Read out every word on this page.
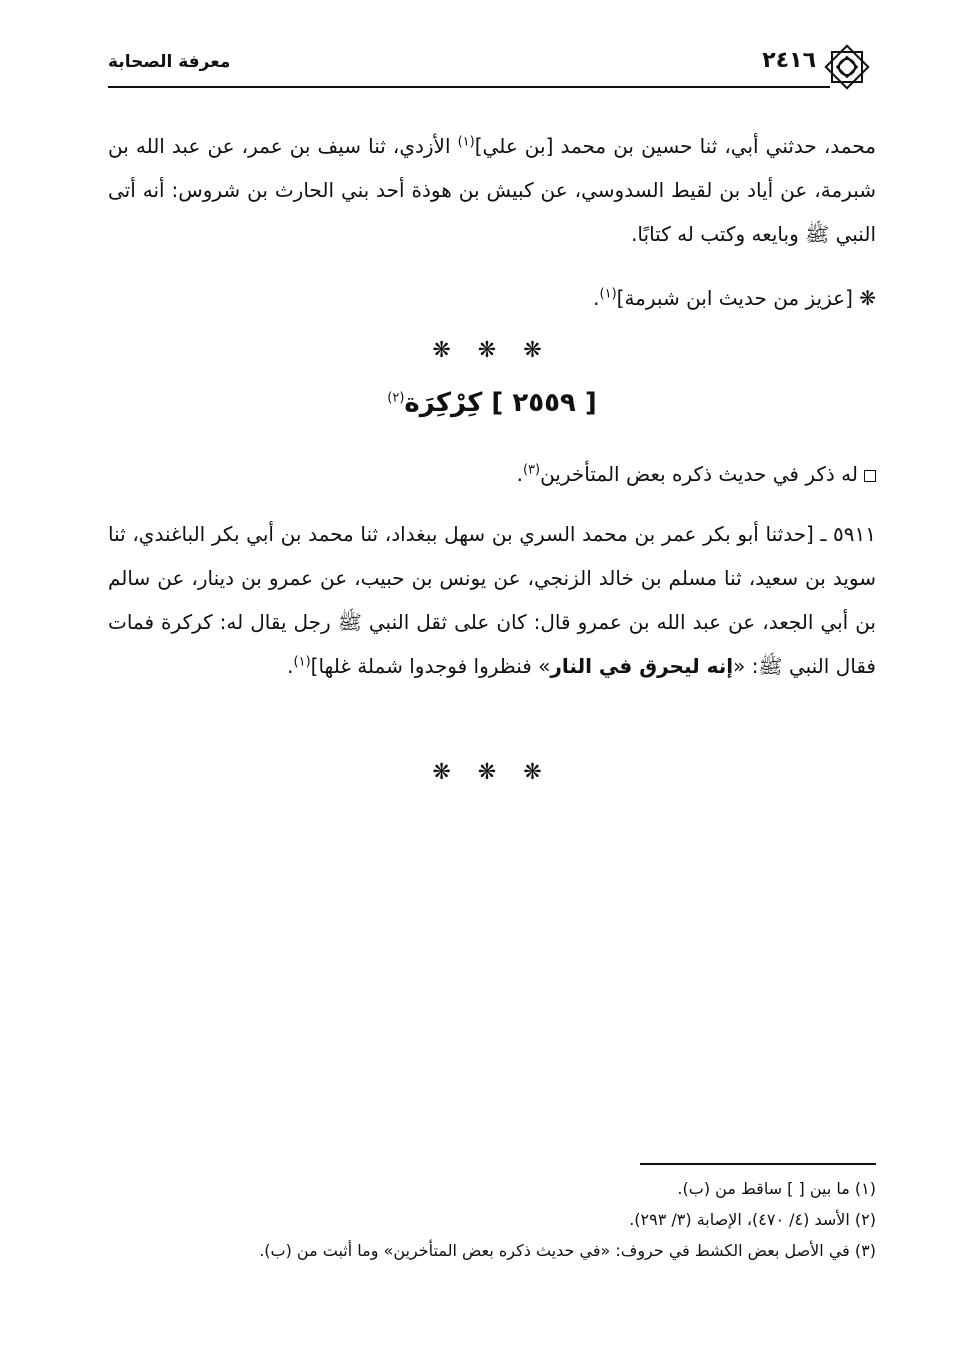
معرفة الصحابة	٢٤١٦
محمد، حدثني أبي، ثنا حسين بن محمد [بن علي]$^{(١)}$ الأزدي، ثنا سيف بن عمر، عن عبد الله بن شبرمة، عن أياد بن لقيط السدوسي، عن كبيش بن هوذة أحد بني الحارث بن شروس: أنه أتى النبي ﷺ وبايعه وكتب له كتابًا.
❋ [عزيز من حديث ابن شبرمة]$^{(١)}$.
❋ ❋ ❋
[ ٢٥٥٩ ] كِرْكِرَة$^{(٢)}$
له ذكر في حديث ذكره بعض المتأخرين$^{(٣)}$.
٥٩١١ ـ [حدثنا أبو بكر عمر بن محمد السري بن سهل ببغداد، ثنا محمد بن أبي بكر الباغندي، ثنا سويد بن سعيد، ثنا مسلم بن خالد الزنجي، عن يونس بن حبيب، عن عمرو بن دينار، عن سالم بن أبي الجعد، عن عبد الله بن عمرو قال: كان على ثقل النبي ﷺ رجل يقال له: كركرة فمات فقال النبي ﷺ: «إنه ليحرق في النار» فنظروا فوجدوا شملة غلها]$^{(١)}$.
❋ ❋ ❋
(١) ما بين [ ] ساقط من (ب).
(٢) الأسد (٤/ ٤٧٠)، الإصابة (٣/ ٢٩٣).
(٣) في الأصل بعض الكشط في حروف: «في حديث ذكره بعض المتأخرين» وما أثبت من (ب).
